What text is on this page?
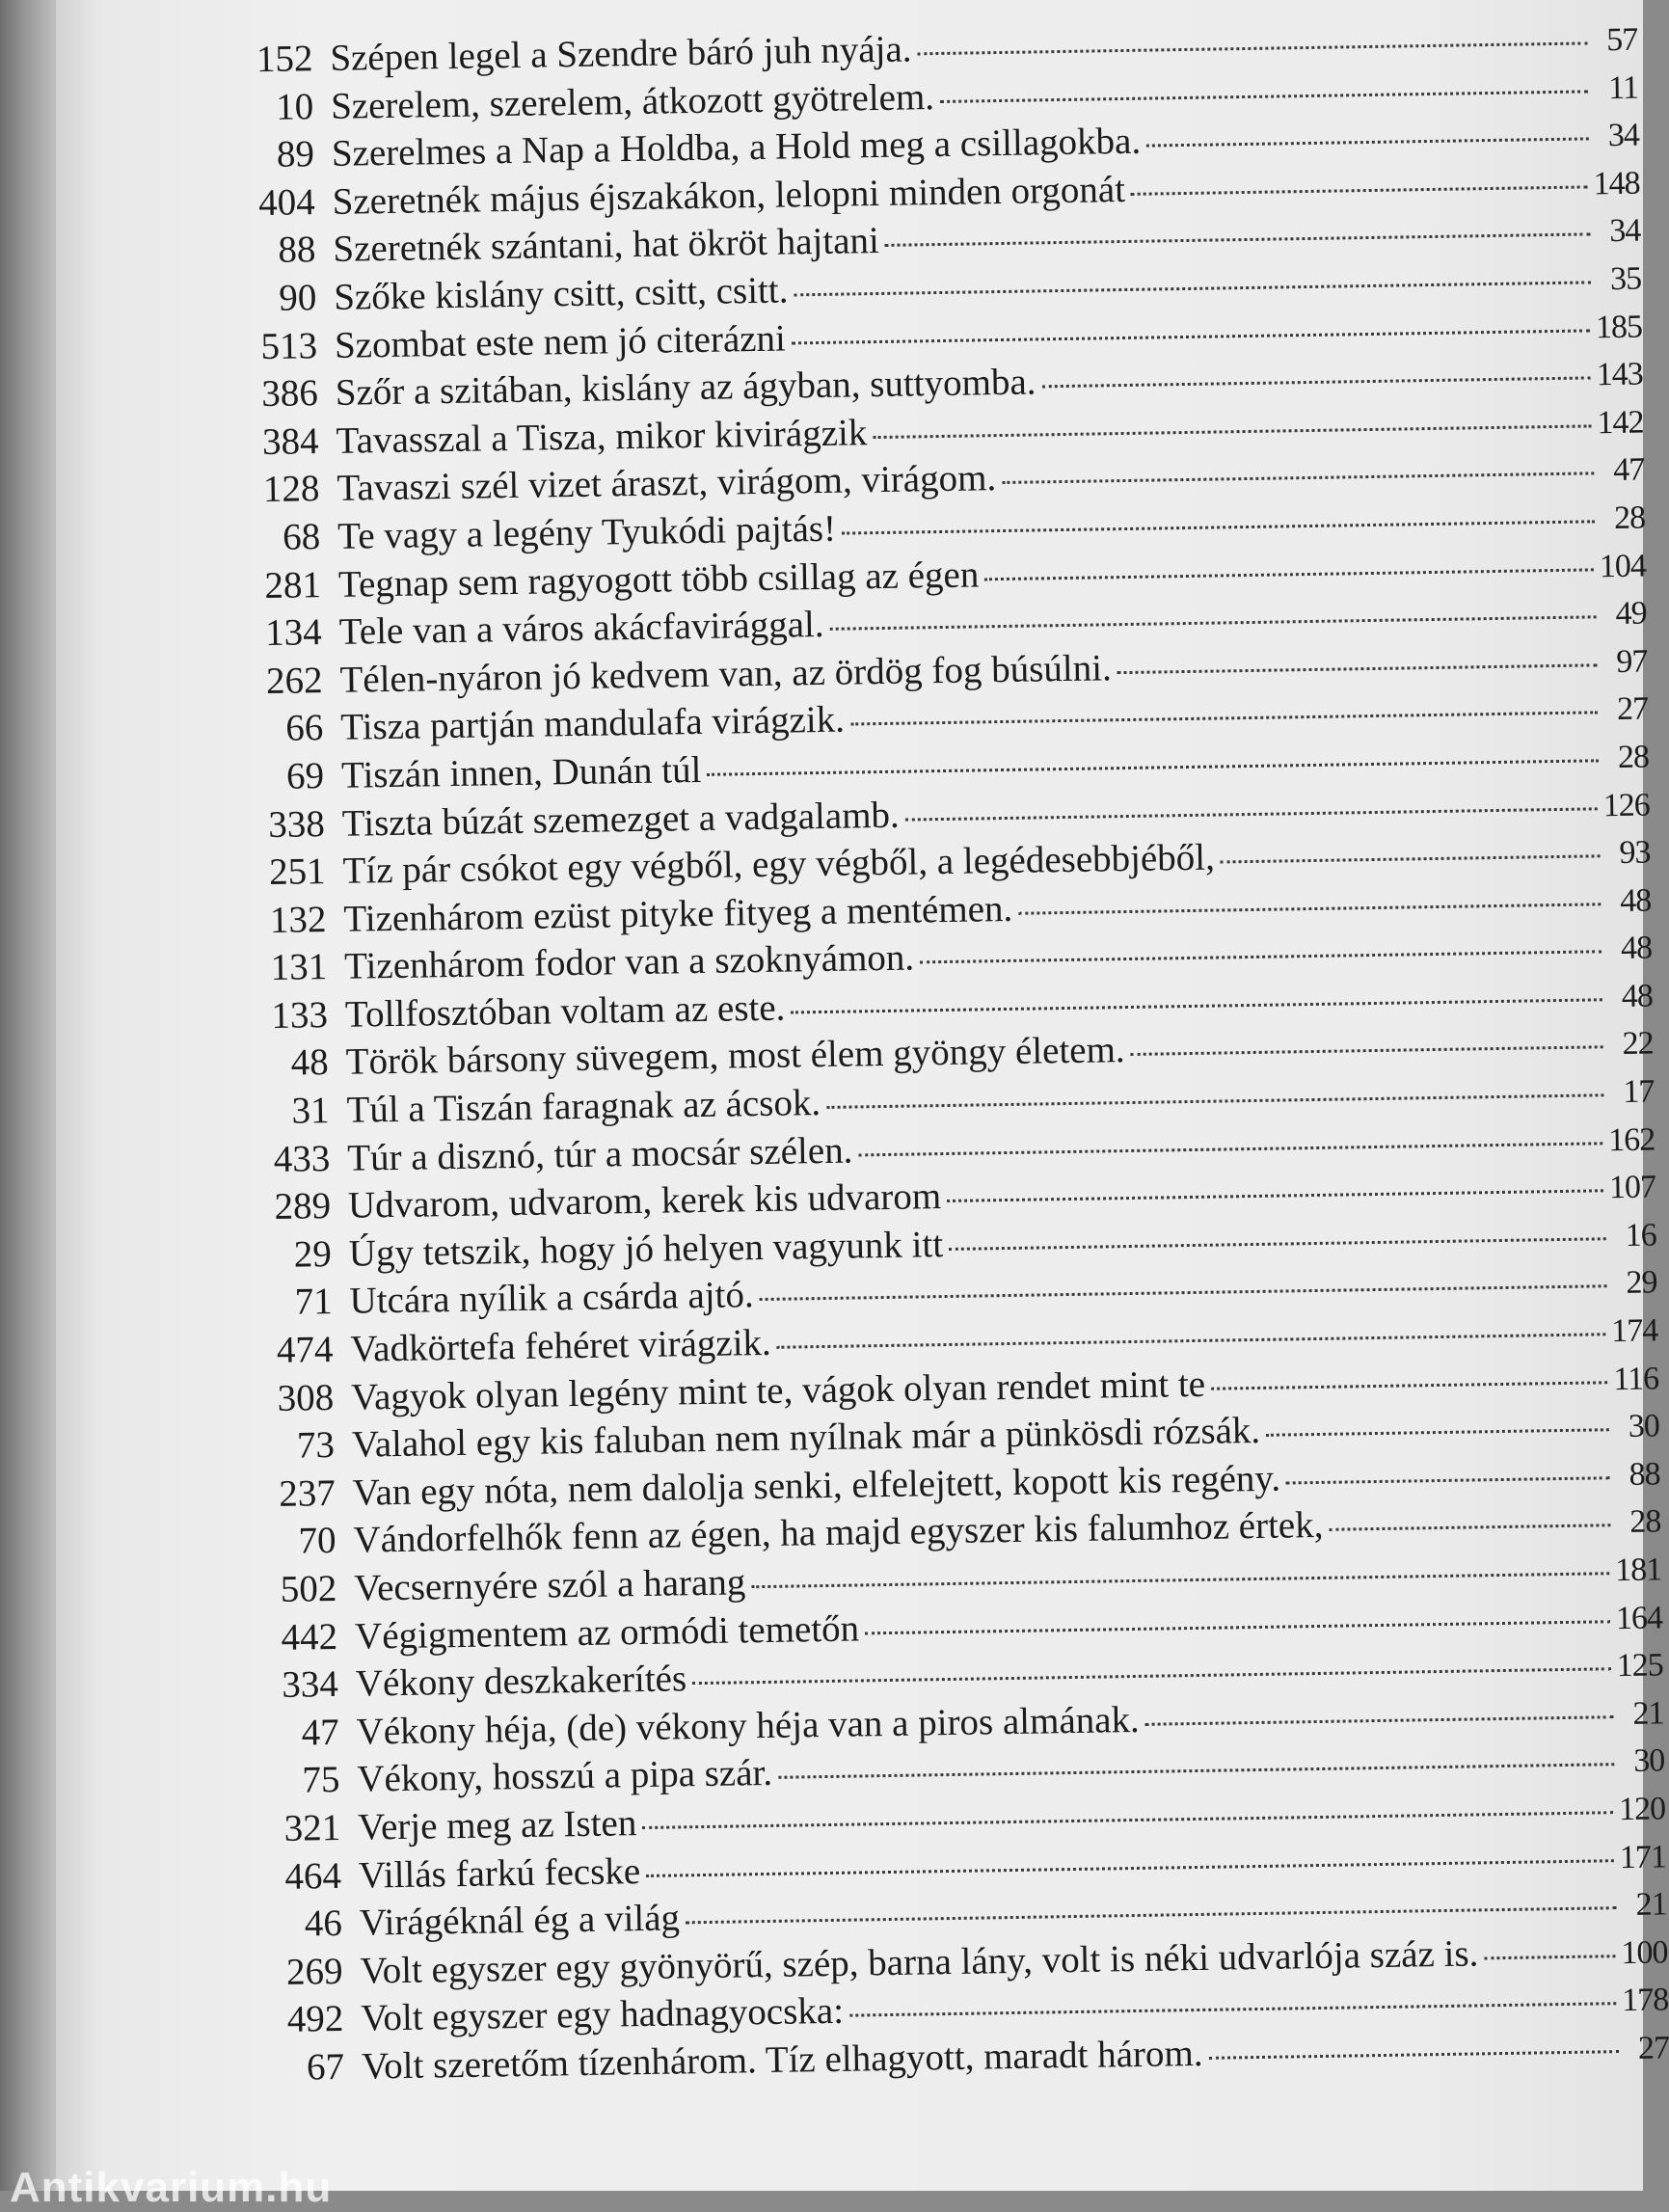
152 Szépen legel a Szendre báró juh nyája.	57
10 Szerelem, szerelem, átkozott gyötrelem.	11
89 Szerelmes a Nap a Holdba, a Hold meg a csillagokba.	34
404 Szeretnék május éjszakákon, lelopni minden orgonát	148
88 Szeretnék szántani, hat ökröt hajtani	34
90 Szőke kislány csitt, csitt, csitt.	35
513 Szombat este nem jó citerázni	185
386 Szőr a szitában, kislány az ágyban, suttyomba.	143
384 Tavasszal a Tisza, mikor kivirágzik	142
128 Tavaszi szél vizet áraszt, virágom, virágom.	47
68 Te vagy a legény Tyukódi pajtás!	28
281 Tegnap sem ragyogott több csillag az égen	104
134 Tele van a város akácfavirággal.	49
262 Télen-nyáron jó kedvem van, az ördög fog búsúlni.	97
66 Tisza partján mandulafa virágzik.	27
69 Tiszán innen, Dunán túl	28
338 Tiszta búzát szemezget a vadgalamb.	126
251 Tíz pár csókot egy végből, egy végből, a legédesebbjéből,	93
132 Tizenhárom ezüst pityke fityeg a mentémen.	48
131 Tizenhárom fodor van a szoknyámon.	48
133 Tollfosztóban voltam az este.	48
48 Török bársony süvegem, most élem gyöngy életem.	22
31 Túl a Tiszán faragnak az ácsok.	17
433 Túr a disznó, túr a mocsár szélen.	162
289 Udvarom, udvarom, kerek kis udvarom	107
29 Úgy tetszik, hogy jó helyen vagyunk itt	16
71 Utcára nyílik a csárda ajtó.	29
474 Vadkörtefa fehéret virágzik.	174
308 Vagyok olyan legény mint te, vágok olyan rendet mint te	116
73 Valahol egy kis faluban nem nyílnak már a pünkösdi rózsák.	30
237 Van egy nóta, nem dalolja senki, elfelejtett, kopott kis regény.	88
70 Vándorfelhők fenn az égen, ha majd egyszer kis falumhoz értek,	28
502 Vecsernyére szól a harang	181
442 Végigmentem az ormódi temetőn	164
334 Vékony deszkakerítés	125
47 Vékony héja, (de) vékony héja van a piros almának.	21
75 Vékony, hosszú a pipa szár.	30
321 Verje meg az Isten	120
464 Villás farkú fecske	171
46 Virágéknál ég a világ	21
269 Volt egyszer egy gyönyörű, szép, barna lány, volt is néki udvarlója száz is.	100
492 Volt egyszer egy hadnagyocska:	178
67 Volt szeretőm tízenhárom. Tíz elhagyott, maradt három.	27
Antikvarium.hu
